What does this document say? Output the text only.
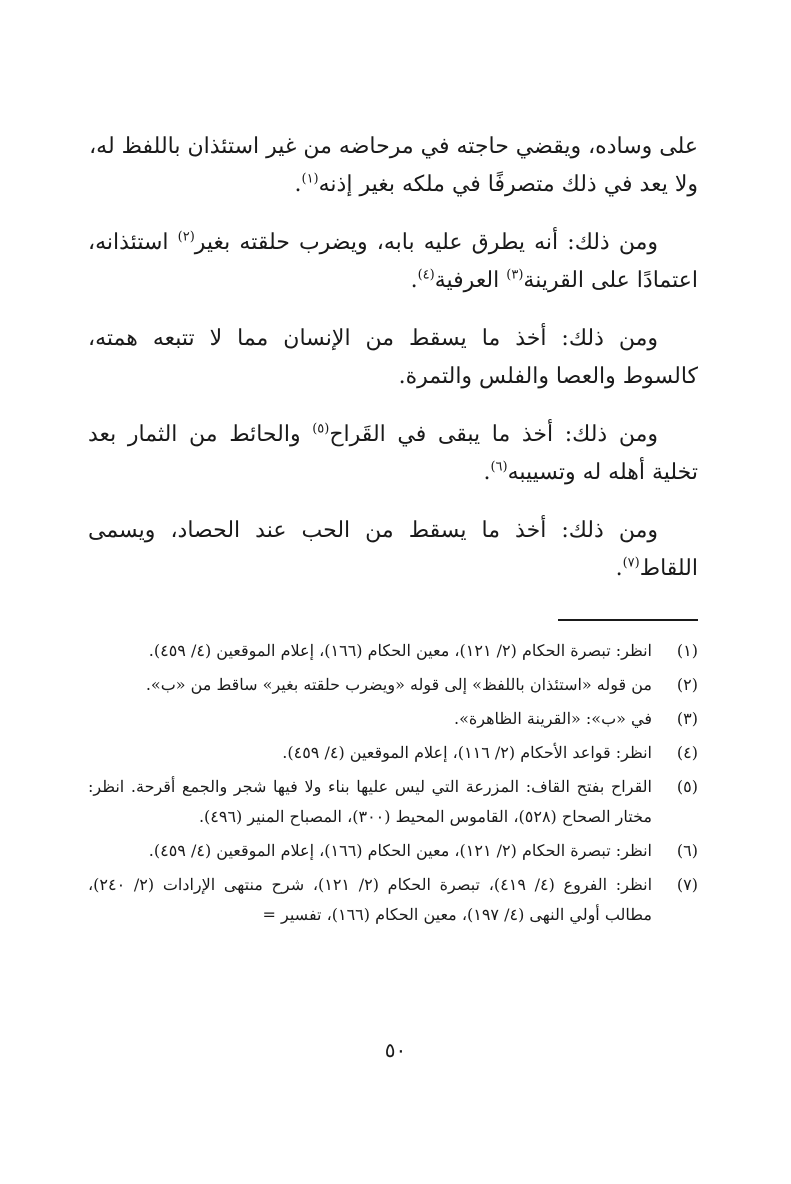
على وساده، ويقضي حاجته في مرحاضه من غير استئذان باللفظ له،
ولا يعد في ذلك متصرفًا في ملكه بغير إذنه$^{(١)}$.

ومن ذلك: أنه يطرق عليه بابه، ويضرب حلقته بغير$^{(٢)}$ استئذانه، اعتمادًا على القرينة$^{(٣)}$ العرفية$^{(٤)}$.

ومن ذلك: أخذ ما يسقط من الإنسان مما لا تتبعه همته، كالسوط والعصا والفلس والتمرة.

ومن ذلك: أخذ ما يبقى في القَراح$^{(٥)}$ والحائط من الثمار بعد تخلية أهله له وتسييبه$^{(٦)}$.

ومن ذلك: أخذ ما يسقط من الحب عند الحصاد، ويسمى اللقاط$^{(٧)}$.

(١)
انظر: تبصرة الحكام (٢/ ١٢١)، معين الحكام (١٦٦)، إعلام الموقعين (٤/ ٤٥٩).
(٢)
من قوله «استئذان باللفظ» إلى قوله «ويضرب حلقته بغير» ساقط من «ب».
(٣)
في «ب»: «القرينة الظاهرة».
(٤)
انظر: قواعد الأحكام (٢/ ١١٦)، إعلام الموقعين (٤/ ٤٥٩).
(٥)
القراح بفتح القاف: المزرعة التي ليس عليها بناء ولا فيها شجر والجمع أقرحة. انظر: مختار الصحاح (٥٢٨)، القاموس المحيط (٣٠٠)، المصباح المنير (٤٩٦).
(٦)
انظر: تبصرة الحكام (٢/ ١٢١)، معين الحكام (١٦٦)، إعلام الموقعين (٤/ ٤٥٩).
(٧)
انظر: الفروع (٤/ ٤١٩)، تبصرة الحكام (٢/ ١٢١)، شرح منتهى الإرادات (٢/ ٢٤٠)، مطالب أولي النهى (٤/ ١٩٧)، معين الحكام (١٦٦)، تفسير =
٥٠
